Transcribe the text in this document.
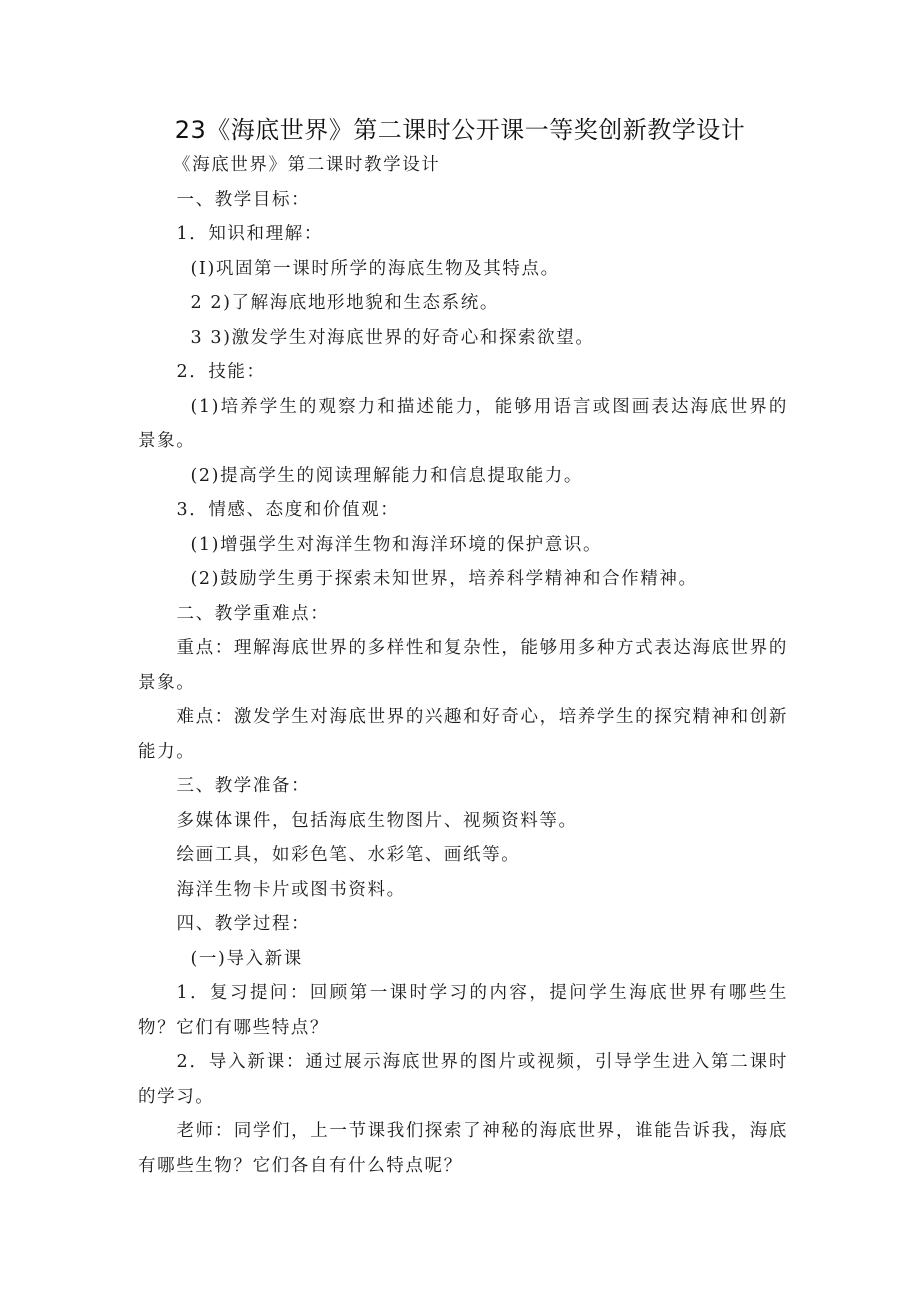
23《海底世界》第二课时公开课一等奖创新教学设计

《海底世界》第二课时教学设计

一、教学目标：

1．知识和理解：

(I)巩固第一课时所学的海底生物及其特点。

2 2)了解海底地形地貌和生态系统。

3 3)激发学生对海底世界的好奇心和探索欲望。

2．技能：

(1)培养学生的观察力和描述能力，能够用语言或图画表达海底世界的景象。

(2)提高学生的阅读理解能力和信息提取能力。

3．情感、态度和价值观：

(1)增强学生对海洋生物和海洋环境的保护意识。

(2)鼓励学生勇于探索未知世界，培养科学精神和合作精神。

二、教学重难点：

重点：理解海底世界的多样性和复杂性，能够用多种方式表达海底世界的景象。

难点：激发学生对海底世界的兴趣和好奇心，培养学生的探究精神和创新能力。

三、教学准备：

多媒体课件，包括海底生物图片、视频资料等。

绘画工具，如彩色笔、水彩笔、画纸等。

海洋生物卡片或图书资料。

四、教学过程：

(一)导入新课

1．复习提问：回顾第一课时学习的内容，提问学生海底世界有哪些生物？它们有哪些特点？

2．导入新课：通过展示海底世界的图片或视频，引导学生进入第二课时的学习。

老师：同学们，上一节课我们探索了神秘的海底世界，谁能告诉我，海底有哪些生物？它们各自有什么特点呢？
